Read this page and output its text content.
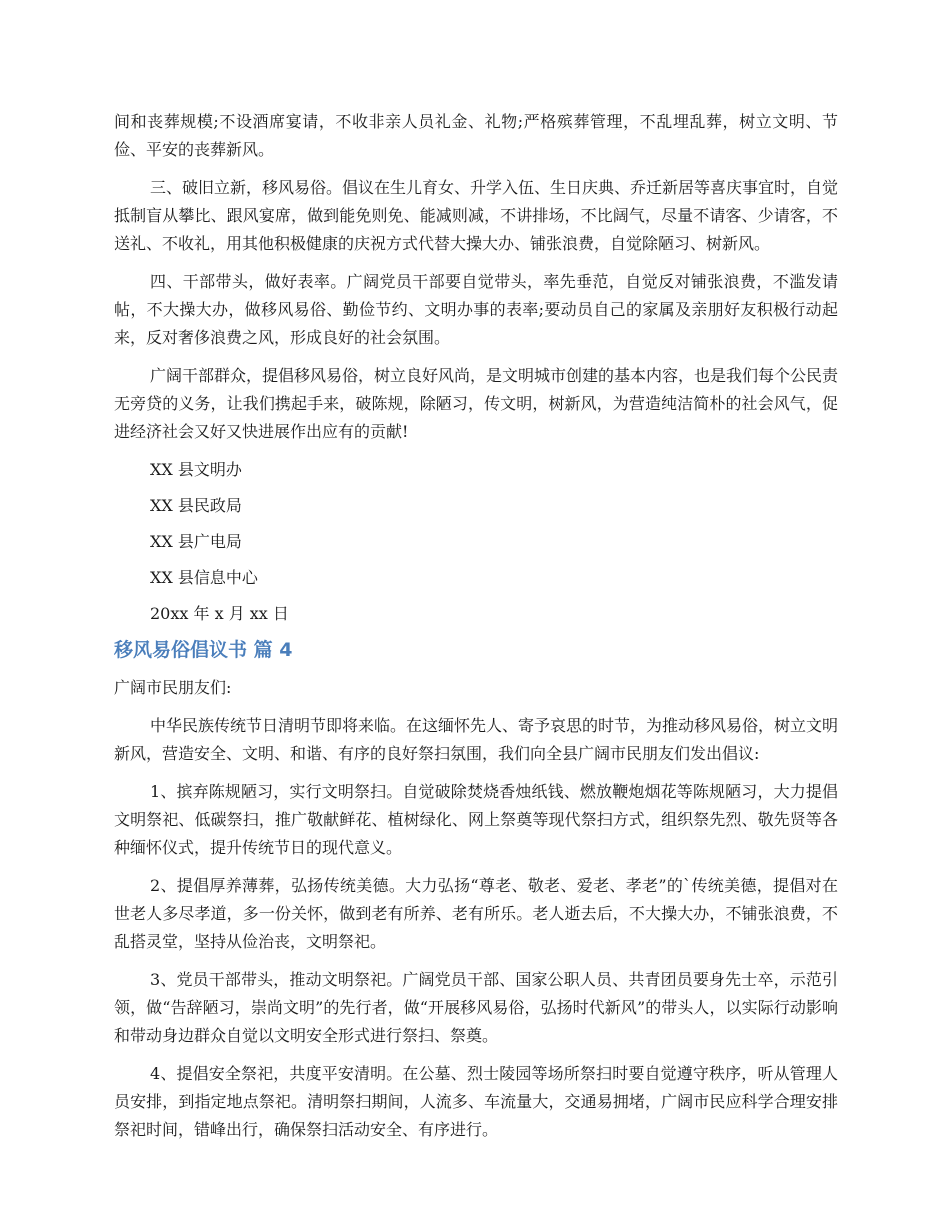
间和丧葬规模;不设酒席宴请，不收非亲人员礼金、礼物;严格殡葬管理，不乱埋乱葬，树立文明、节俭、平安的丧葬新风。

三、破旧立新，移风易俗。倡议在生儿育女、升学入伍、生日庆典、乔迁新居等喜庆事宜时，自觉抵制盲从攀比、跟风宴席，做到能免则免、能减则减，不讲排场，不比阔气，尽量不请客、少请客，不送礼、不收礼，用其他积极健康的庆祝方式代替大操大办、铺张浪费，自觉除陋习、树新风。

四、干部带头，做好表率。广阔党员干部要自觉带头，率先垂范，自觉反对铺张浪费，不滥发请帖，不大操大办，做移风易俗、勤俭节约、文明办事的表率;要动员自己的家属及亲朋好友积极行动起来，反对奢侈浪费之风，形成良好的社会氛围。

广阔干部群众，提倡移风易俗，树立良好风尚，是文明城市创建的基本内容，也是我们每个公民责无旁贷的义务，让我们携起手来，破陈规，除陋习，传文明，树新风，为营造纯洁简朴的社会风气，促进经济社会又好又快进展作出应有的贡献!

XX 县文明办

XX 县民政局

XX 县广电局

XX 县信息中心

20xx 年 x 月 xx 日

移风易俗倡议书 篇 4

广阔市民朋友们:

中华民族传统节日清明节即将来临。在这缅怀先人、寄予哀思的时节，为推动移风易俗，树立文明新风，营造安全、文明、和谐、有序的良好祭扫氛围，我们向全县广阔市民朋友们发出倡议:

1、摈弃陈规陋习，实行文明祭扫。自觉破除焚烧香烛纸钱、燃放鞭炮烟花等陈规陋习，大力提倡文明祭祀、低碳祭扫，推广敬献鲜花、植树绿化、网上祭奠等现代祭扫方式，组织祭先烈、敬先贤等各种缅怀仪式，提升传统节日的现代意义。

2、提倡厚养薄葬，弘扬传统美德。大力弘扬“尊老、敬老、爱老、孝老”的`传统美德，提倡对在世老人多尽孝道，多一份关怀，做到老有所养、老有所乐。老人逝去后，不大操大办，不铺张浪费，不乱搭灵堂，坚持从俭治丧，文明祭祀。

3、党员干部带头，推动文明祭祀。广阔党员干部、国家公职人员、共青团员要身先士卒，示范引领，做“告辞陋习，崇尚文明”的先行者，做“开展移风易俗，弘扬时代新风”的带头人，以实际行动影响和带动身边群众自觉以文明安全形式进行祭扫、祭奠。

4、提倡安全祭祀，共度平安清明。在公墓、烈士陵园等场所祭扫时要自觉遵守秩序，听从管理人员安排，到指定地点祭祀。清明祭扫期间，人流多、车流量大，交通易拥堵，广阔市民应科学合理安排祭祀时间，错峰出行，确保祭扫活动安全、有序进行。
